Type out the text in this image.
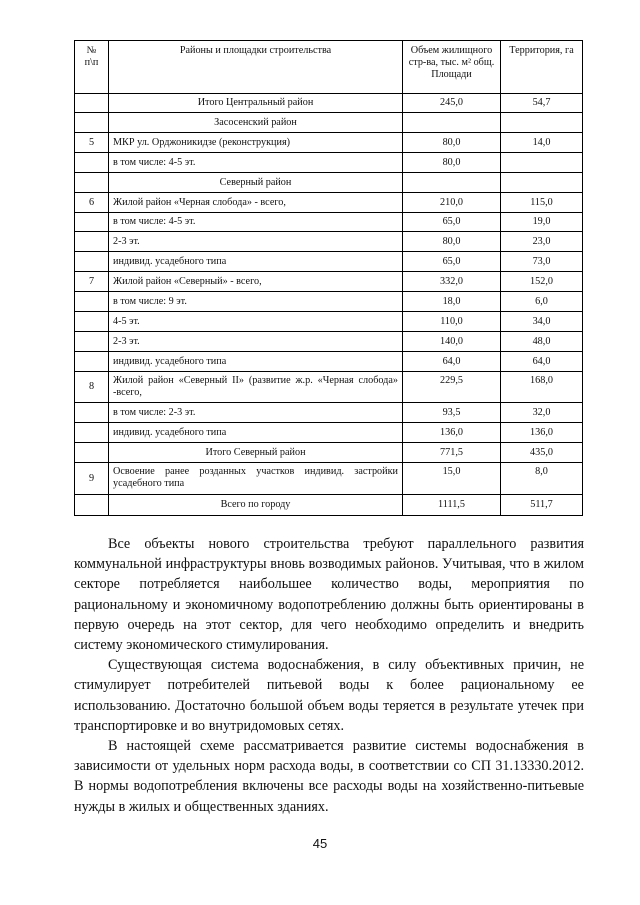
№ п\п	Районы и площадки строительства	Объем жилищного стр-ва, тыс. м² общ. Площади	Территория, га
	Итого Центральный район	245,0	54,7
	Засосенский район		
5	МКР ул. Орджоникидзе (реконструкция)	80,0	14,0
	в том числе: 4-5 эт.	80,0	
	Северный район		
6	Жилой район «Черная слобода» - всего,	210,0	115,0
	в том числе: 4-5 эт.	65,0	19,0
	2-3 эт.	80,0	23,0
	индивид. усадебного типа	65,0	73,0
7	Жилой район «Северный» - всего,	332,0	152,0
	в том числе: 9 эт.	18,0	6,0
	4-5 эт.	110,0	34,0
	2-3 эт.	140,0	48,0
	индивид. усадебного типа	64,0	64,0
8	Жилой район «Северный II» (развитие ж.р. «Черная слобода» -всего,	229,5	168,0
	в том числе: 2-3 эт.	93,5	32,0
	индивид. усадебного типа	136,0	136,0
	Итого Северный район	771,5	435,0
9	Освоение ранее розданных участков индивид. застройки усадебного типа	15,0	8,0
	Всего по городу	1111,5	511,7

Все объекты нового строительства требуют параллельного развития коммунальной инфраструктуры вновь возводимых районов. Учитывая, что в жилом секторе потребляется наибольшее количество воды, мероприятия по рациональному и экономичному водопотреблению должны быть ориентированы в первую очередь на этот сектор, для чего необходимо определить и внедрить систему экономического стимулирования.

Существующая система водоснабжения, в силу объективных причин, не стимулирует потребителей питьевой воды к более рациональному ее использованию. Достаточно большой объем воды теряется в результате утечек при транспортировке и во внутридомовых сетях.

В настоящей схеме рассматривается развитие системы водоснабжения в зависимости от удельных норм расхода воды, в соответствии со СП 31.13330.2012. В нормы водопотребления включены все расходы воды на хозяйственно-питьевые нужды в жилых и общественных зданиях.

45
